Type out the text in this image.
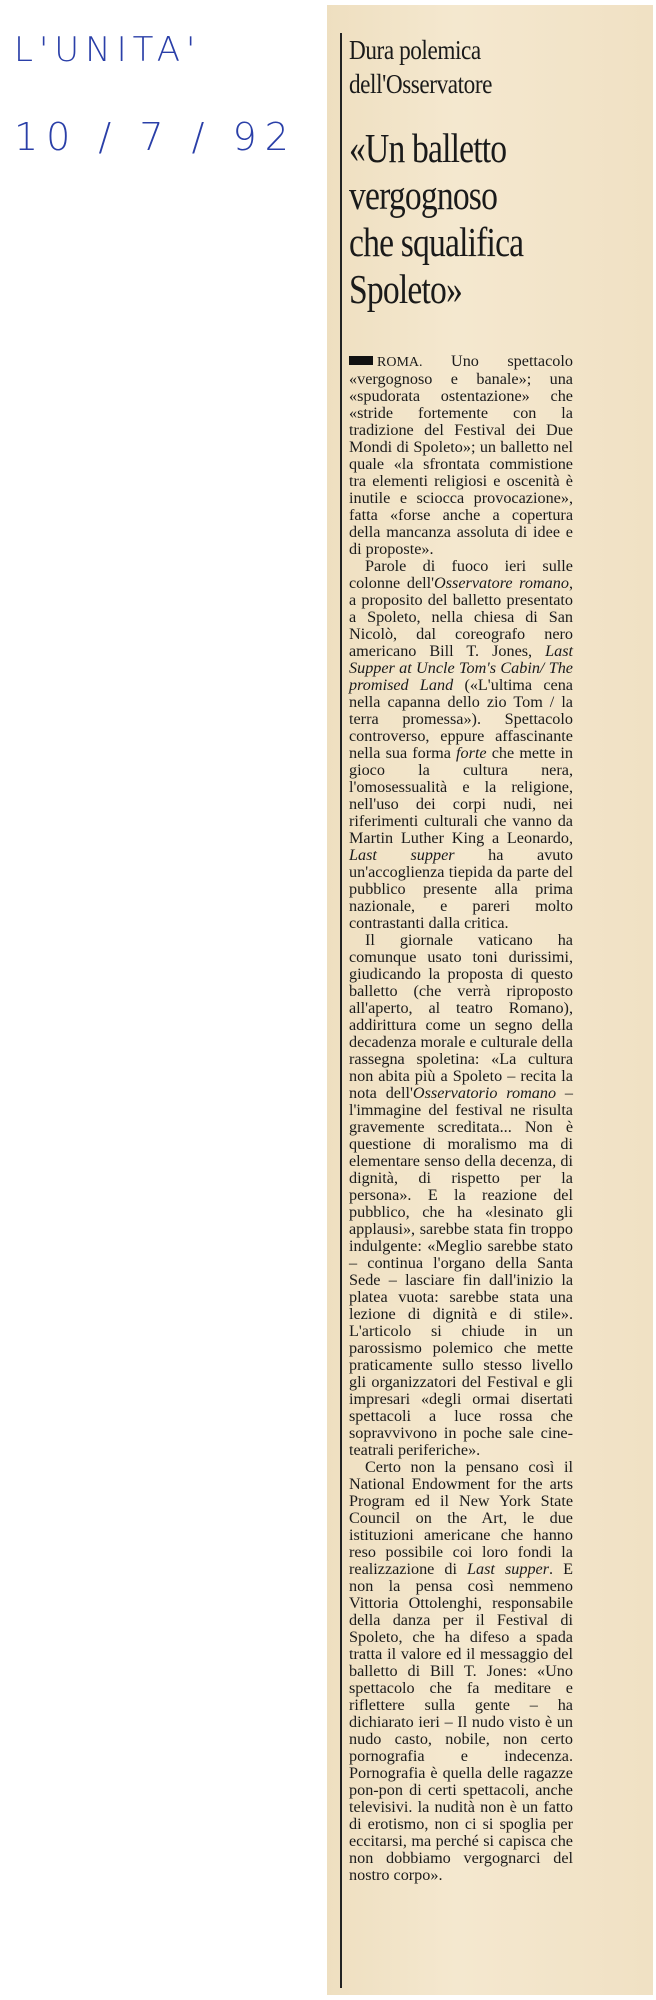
L'UNITA'
10 / 7 / 92
Dura polemica
dell'Osservatore
«Un balletto
vergognoso
che squalifica
Spoleto»

ROMA. Uno spettacolo «vergognoso e banale»; una «spudorata ostentazione» che «stride fortemente con la tradizione del Festival dei Due Mondi di Spoleto»; un balletto nel quale «la sfrontata commistione tra elementi religiosi e oscenità è inutile e sciocca provocazione», fatta «forse anche a copertura della mancanza assoluta di idee e di proposte».

Parole di fuoco ieri sulle colonne dell'Osservatore romano, a proposito del balletto presentato a Spoleto, nella chiesa di San Nicolò, dal coreografo nero americano Bill T. Jones, Last Supper at Uncle Tom's Cabin/ The promised Land («L'ultima cena nella capanna dello zio Tom / la terra promessa»). Spettacolo controverso, eppure affascinante nella sua forma forte che mette in gioco la cultura nera, l'omosessualità e la religione, nell'uso dei corpi nudi, nei riferimenti culturali che vanno da Martin Luther King a Leonardo, Last supper ha avuto un'accoglienza tiepida da parte del pubblico presente alla prima nazionale, e pareri molto contrastanti dalla critica.

Il giornale vaticano ha comunque usato toni durissimi, giudicando la proposta di questo balletto (che verrà riproposto all'aperto, al teatro Romano), addirittura come un segno della decadenza morale e culturale della rassegna spoletina: «La cultura non abita più a Spoleto – recita la nota dell'Osservatorio romano – l'immagine del festival ne risulta gravemente screditata... Non è questione di moralismo ma di elementare senso della decenza, di dignità, di rispetto per la persona». E la reazione del pubblico, che ha «lesinato gli applausi», sarebbe stata fin troppo indulgente: «Meglio sarebbe stato – continua l'organo della Santa Sede – lasciare fin dall'inizio la platea vuota: sarebbe stata una lezione di dignità e di stile». L'articolo si chiude in un parossismo polemico che mette praticamente sullo stesso livello gli organizzatori del Festival e gli impresari «degli ormai disertati spettacoli a luce rossa che sopravvivono in poche sale cine-teatrali periferiche».

Certo non la pensano così il National Endowment for the arts Program ed il New York State Council on the Art, le due istituzioni americane che hanno reso possibile coi loro fondi la realizzazione di Last supper. E non la pensa così nemmeno Vittoria Ottolenghi, responsabile della danza per il Festival di Spoleto, che ha difeso a spada tratta il valore ed il messaggio del balletto di Bill T. Jones: «Uno spettacolo che fa meditare e riflettere sulla gente – ha dichiarato ieri – Il nudo visto è un nudo casto, nobile, non certo pornografia e indecenza. Pornografia è quella delle ragazze pon-pon di certi spettacoli, anche televisivi. la nudità non è un fatto di erotismo, non ci si spoglia per eccitarsi, ma perché si capisca che non dobbiamo vergognarci del nostro corpo».
